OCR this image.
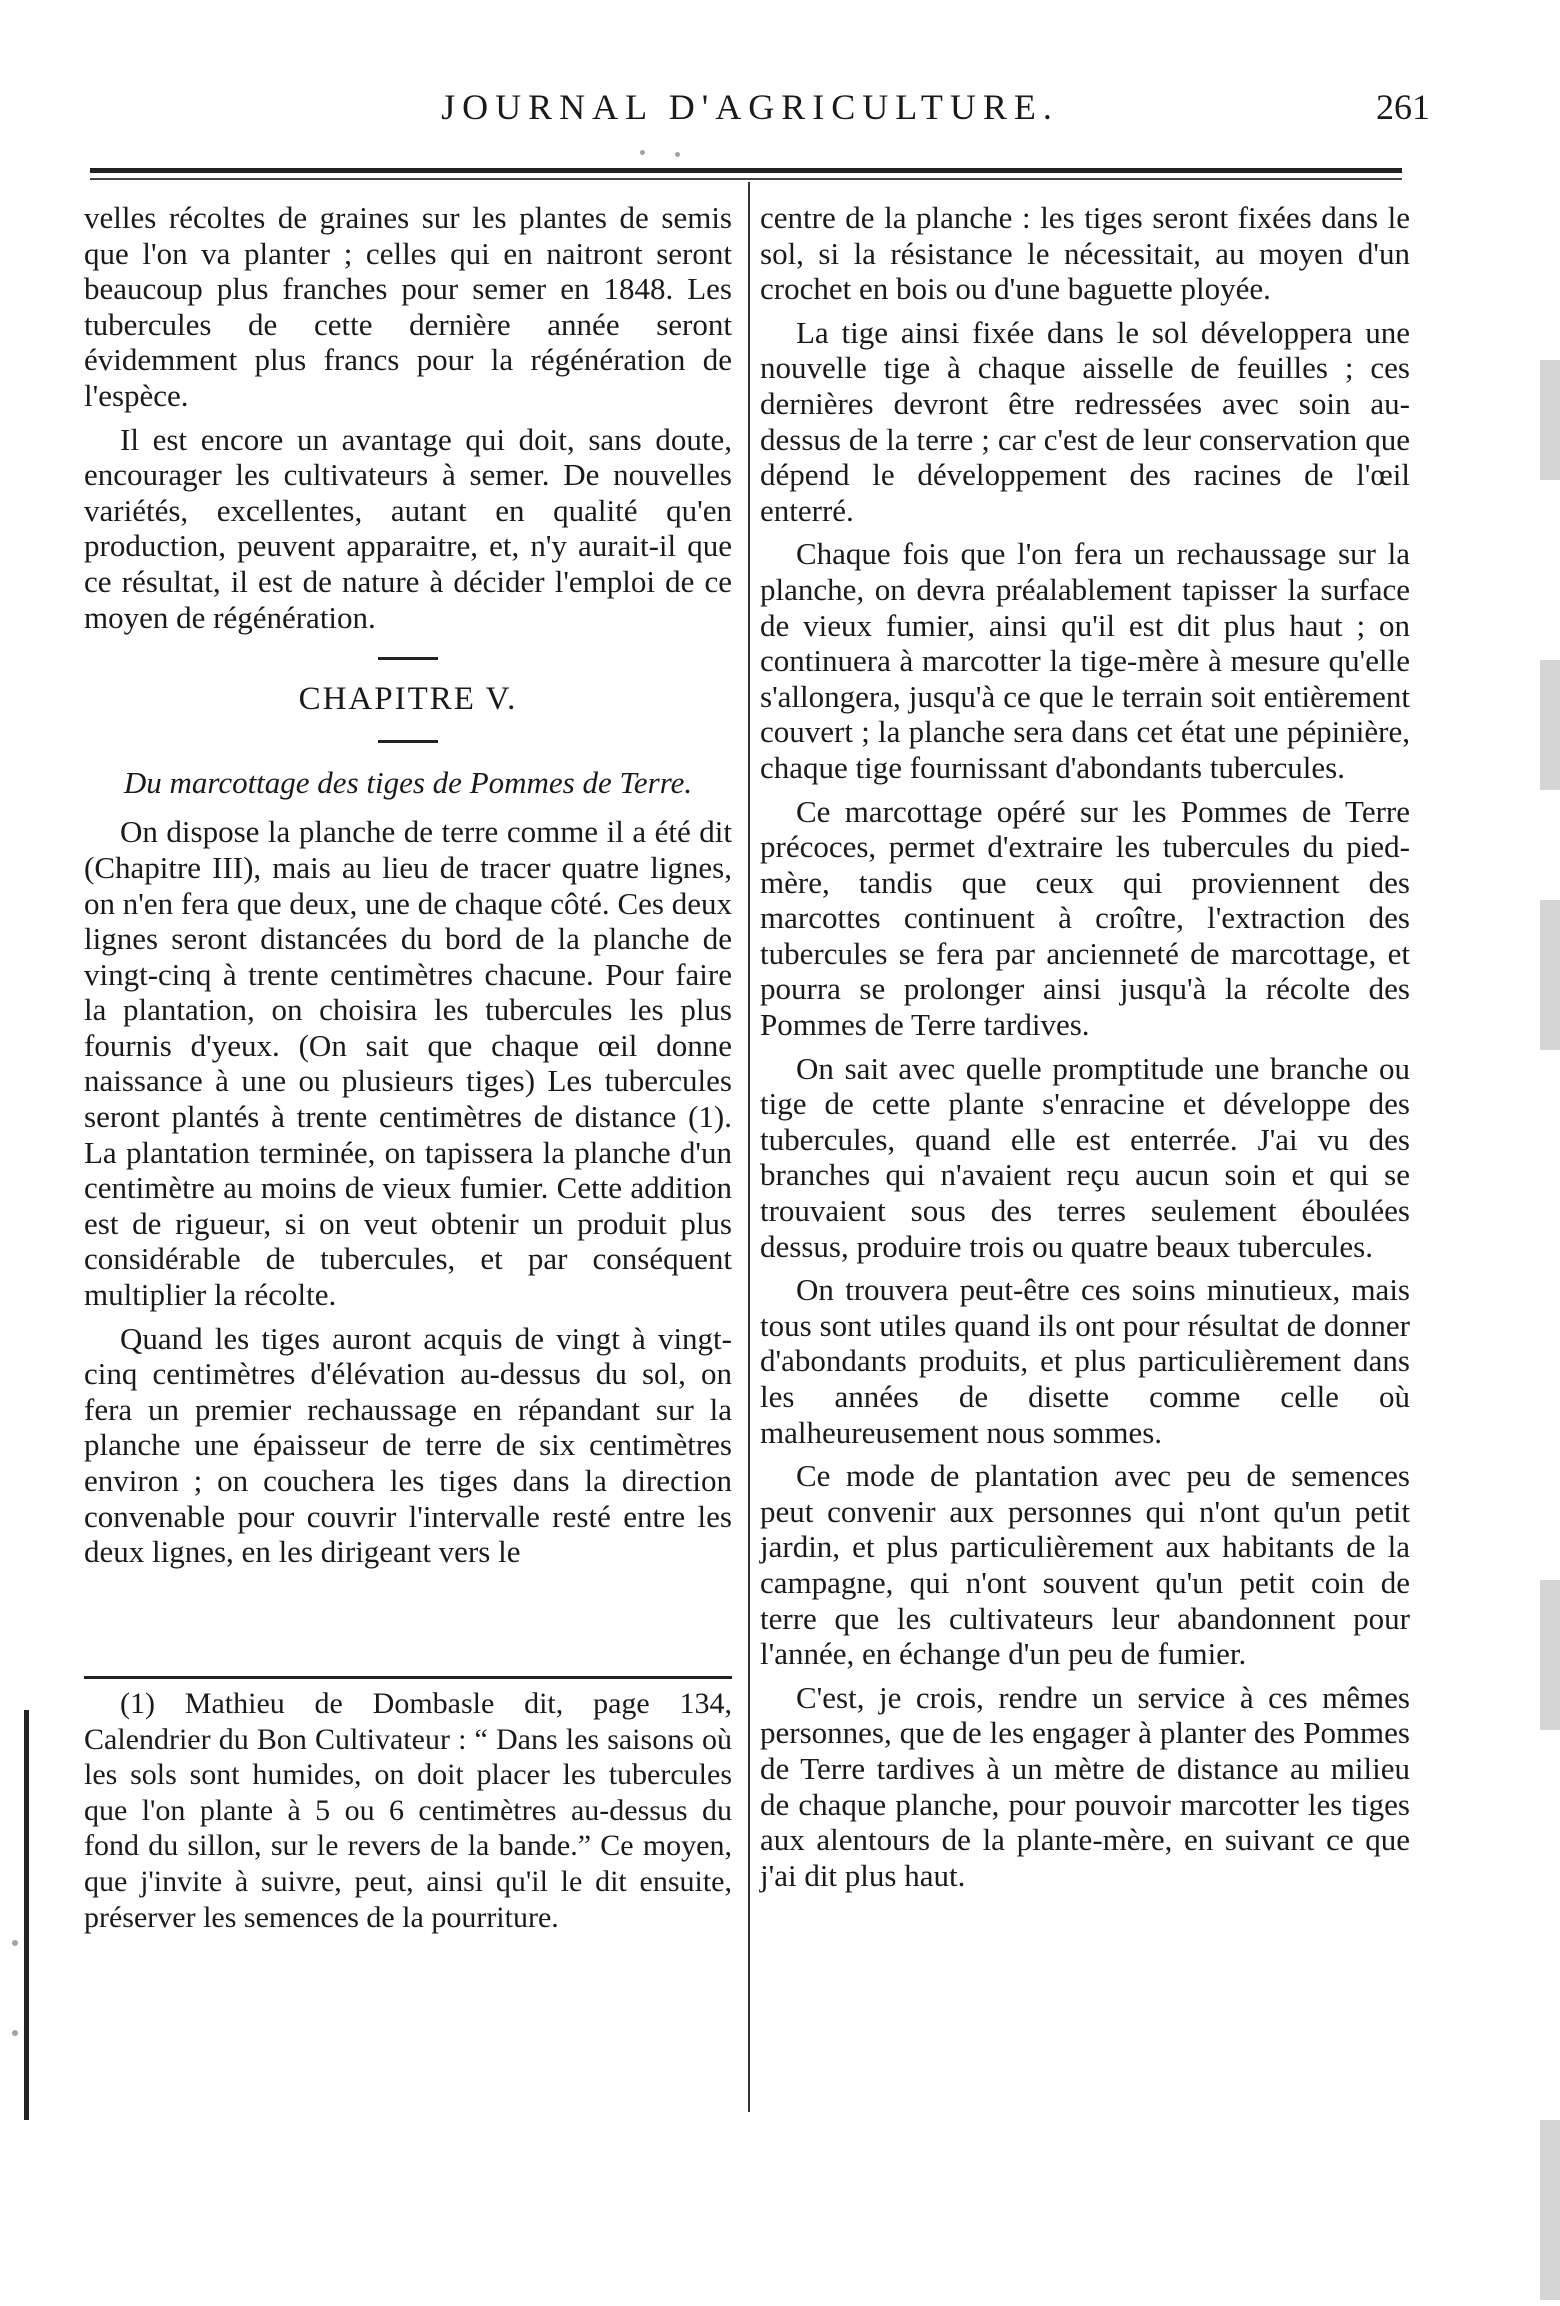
JOURNAL D'AGRICULTURE.	261

velles récoltes de graines sur les plantes de semis que l'on va planter ; celles qui en naitront seront beaucoup plus franches pour semer en 1848. Les tubercules de cette dernière année seront évidemment plus francs pour la régénération de l'espèce.

Il est encore un avantage qui doit, sans doute, encourager les cultivateurs à semer. De nouvelles variétés, excellentes, autant en qualité qu'en production, peuvent apparaitre, et, n'y aurait-il que ce résultat, il est de nature à décider l'emploi de ce moyen de régénération.

CHAPITRE V.
Du marcottage des tiges de Pommes de Terre.

On dispose la planche de terre comme il a été dit (Chapitre III), mais au lieu de tracer quatre lignes, on n'en fera que deux, une de chaque côté. Ces deux lignes seront distancées du bord de la planche de vingt-cinq à trente centimètres chacune. Pour faire la plantation, on choisira les tubercules les plus fournis d'yeux. (On sait que chaque œil donne naissance à une ou plusieurs tiges) Les tubercules seront plantés à trente centimètres de distance (1). La plantation terminée, on tapissera la planche d'un centimètre au moins de vieux fumier. Cette addition est de rigueur, si on veut obtenir un produit plus considérable de tubercules, et par conséquent multiplier la récolte.

Quand les tiges auront acquis de vingt à vingt-cinq centimètres d'élévation au-dessus du sol, on fera un premier rechaussage en répandant sur la planche une épaisseur de terre de six centimètres environ ; on couchera les tiges dans la direction convenable pour couvrir l'intervalle resté entre les deux lignes, en les dirigeant vers le

(1) Mathieu de Dombasle dit, page 134, Calendrier du Bon Cultivateur : “ Dans les saisons où les sols sont humides, on doit placer les tubercules que l'on plante à 5 ou 6 centimètres au-dessus du fond du sillon, sur le revers de la bande.” Ce moyen, que j'invite à suivre, peut, ainsi qu'il le dit ensuite, préserver les semences de la pourriture.

centre de la planche : les tiges seront fixées dans le sol, si la résistance le nécessitait, au moyen d'un crochet en bois ou d'une baguette ployée.

La tige ainsi fixée dans le sol développera une nouvelle tige à chaque aisselle de feuilles ; ces dernières devront être redressées avec soin au-dessus de la terre ; car c'est de leur conservation que dépend le développement des racines de l'œil enterré.

Chaque fois que l'on fera un rechaussage sur la planche, on devra préalablement tapisser la surface de vieux fumier, ainsi qu'il est dit plus haut ; on continuera à marcotter la tige-mère à mesure qu'elle s'allongera, jusqu'à ce que le terrain soit entièrement couvert ; la planche sera dans cet état une pépinière, chaque tige fournissant d'abondants tubercules.

Ce marcottage opéré sur les Pommes de Terre précoces, permet d'extraire les tubercules du pied-mère, tandis que ceux qui proviennent des marcottes continuent à croître, l'extraction des tubercules se fera par ancienneté de marcottage, et pourra se prolonger ainsi jusqu'à la récolte des Pommes de Terre tardives.

On sait avec quelle promptitude une branche ou tige de cette plante s'enracine et développe des tubercules, quand elle est enterrée. J'ai vu des branches qui n'avaient reçu aucun soin et qui se trouvaient sous des terres seulement éboulées dessus, produire trois ou quatre beaux tubercules.

On trouvera peut-être ces soins minutieux, mais tous sont utiles quand ils ont pour résultat de donner d'abondants produits, et plus particulièrement dans les années de disette comme celle où malheureusement nous sommes.

Ce mode de plantation avec peu de semences peut convenir aux personnes qui n'ont qu'un petit jardin, et plus particulièrement aux habitants de la campagne, qui n'ont souvent qu'un petit coin de terre que les cultivateurs leur abandonnent pour l'année, en échange d'un peu de fumier.

C'est, je crois, rendre un service à ces mêmes personnes, que de les engager à planter des Pommes de Terre tardives à un mètre de distance au milieu de chaque planche, pour pouvoir marcotter les tiges aux alentours de la plante-mère, en suivant ce que j'ai dit plus haut.
